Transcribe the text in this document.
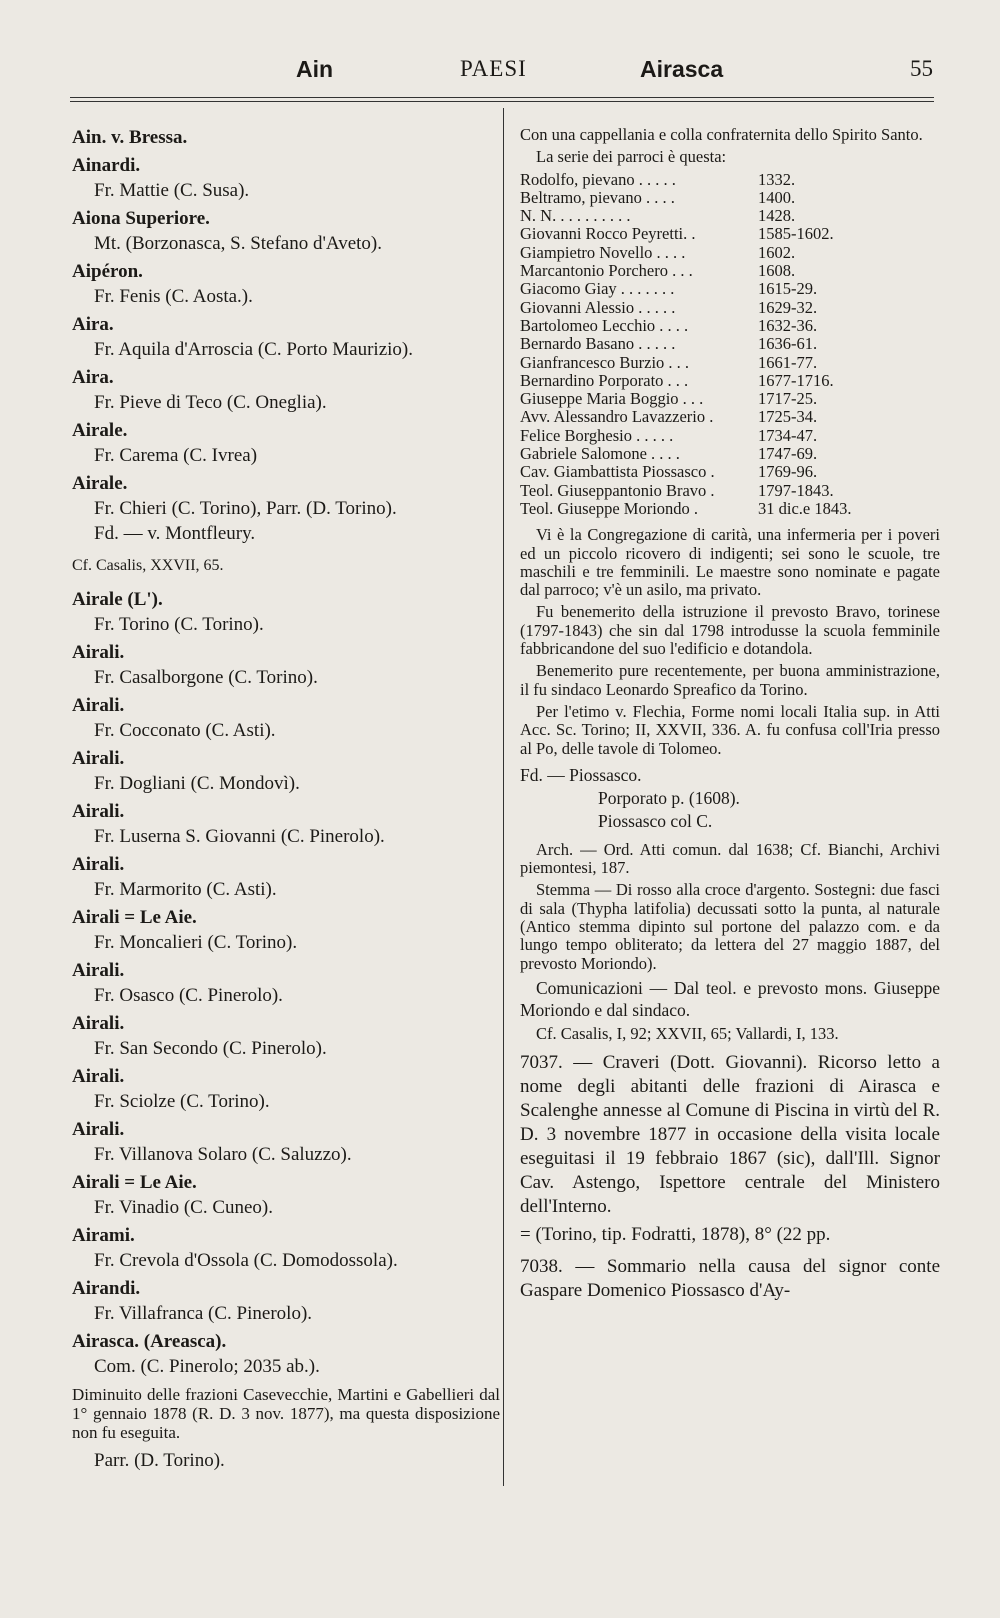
Ain	PAESI	Airasca	55
Ain. v. Bressa.
Ainardi.
Fr. Mattie (C. Susa).
Aiona Superiore.
Mt. (Borzonasca, S. Stefano d'Aveto).
Aipéron.
Fr. Fenis (C. Aosta.).
Aira.
Fr. Aquila d'Arroscia (C. Porto Maurizio).
Aira.
Fr. Pieve di Teco (C. Oneglia).
Airale.
Fr. Carema (C. Ivrea)
Airale.
Fr. Chieri (C. Torino), Parr. (D. Torino).
Fd. — v. Montfleury.
Cf. Casalis, XXVII, 65.
Airale (L').
Fr. Torino (C. Torino).
Airali.
Fr. Casalborgone (C. Torino).
Airali.
Fr. Cocconato (C. Asti).
Airali.
Fr. Dogliani (C. Mondovì).
Airali.
Fr. Luserna S. Giovanni (C. Pinerolo).
Airali.
Fr. Marmorito (C. Asti).
Airali = Le Aie.
Fr. Moncalieri (C. Torino).
Airali.
Fr. Osasco (C. Pinerolo).
Airali.
Fr. San Secondo (C. Pinerolo).
Airali.
Fr. Sciolze (C. Torino).
Airali.
Fr. Villanova Solaro (C. Saluzzo).
Airali = Le Aie.
Fr. Vinadio (C. Cuneo).
Airami.
Fr. Crevola d'Ossola (C. Domodossola).
Airandi.
Fr. Villafranca (C. Pinerolo).
Airasca. (Areasca).
Com. (C. Pinerolo; 2035 ab.).
Diminuito delle frazioni Casevecchie, Martini e Gabellieri dal 1° gennaio 1878 (R. D. 3 nov. 1877), ma questa disposizione non fu eseguita.
Parr. (D. Torino).

Con una cappellania e colla confraternita dello Spirito Santo.

La serie dei parroci è questa:

Rodolfo, pievano . . . . .	1332.
Beltramo, pievano . . . .	1400.
N. N. . . . . . . . . .	1428.
Giovanni Rocco Peyretti. .	1585-1602.
Giampietro Novello . . . .	1602.
Marcantonio Porchero . . .	1608.
Giacomo Giay . . . . . . .	1615-29.
Giovanni Alessio . . . . .	1629-32.
Bartolomeo Lecchio . . . .	1632-36.
Bernardo Basano . . . . .	1636-61.
Gianfrancesco Burzio . . .	1661-77.
Bernardino Porporato . . .	1677-1716.
Giuseppe Maria Boggio . . .	1717-25.
Avv. Alessandro Lavazzerio .	1725-34.
Felice Borghesio . . . . .	1734-47.
Gabriele Salomone . . . .	1747-69.
Cav. Giambattista Piossasco .	1769-96.
Teol. Giuseppantonio Bravo .	1797-1843.
Teol. Giuseppe Moriondo .	31 dic.e 1843.

Vi è la Congregazione di carità, una infermeria per i poveri ed un piccolo ricovero di indigenti; sei sono le scuole, tre maschili e tre femminili. Le maestre sono nominate e pagate dal parroco; v'è un asilo, ma privato.

Fu benemerito della istruzione il prevosto Bravo, torinese (1797-1843) che sin dal 1798 introdusse la scuola femminile fabbricandone del suo l'edificio e dotandola.

Benemerito pure recentemente, per buona amministrazione, il fu sindaco Leonardo Spreafico da Torino.

Per l'etimo v. Flechia, Forme nomi locali Italia sup. in Atti Acc. Sc. Torino; II, XXVII, 336. A. fu confusa coll'Iria presso al Po, delle tavole di Tolomeo.

Fd. — Piossasco.
Porporato p. (1608).
Piossasco col C.

Arch. — Ord. Atti comun. dal 1638; Cf. Bianchi, Archivi piemontesi, 187.

Stemma — Di rosso alla croce d'argento. Sostegni: due fasci di sala (Thypha latifolia) decussati sotto la punta, al naturale (Antico stemma dipinto sul portone del palazzo com. e da lungo tempo obliterato; da lettera del 27 maggio 1887, del prevosto Moriondo).

Comunicazioni — Dal teol. e prevosto mons. Giuseppe Moriondo e dal sindaco.

Cf. Casalis, I, 92; XXVII, 65; Vallardi, I, 133.

7037. — Craveri (Dott. Giovanni). Ricorso letto a nome degli abitanti delle frazioni di Airasca e Scalenghe annesse al Comune di Piscina in virtù del R. D. 3 novembre 1877 in occasione della visita locale eseguitasi il 19 febbraio 1867 (sic), dall'Ill. Signor Cav. Astengo, Ispettore centrale del Ministero dell'Interno.

= (Torino, tip. Fodratti, 1878), 8° (22 pp.

7038. — Sommario nella causa del signor conte Gaspare Domenico Piossasco d'Ay-
